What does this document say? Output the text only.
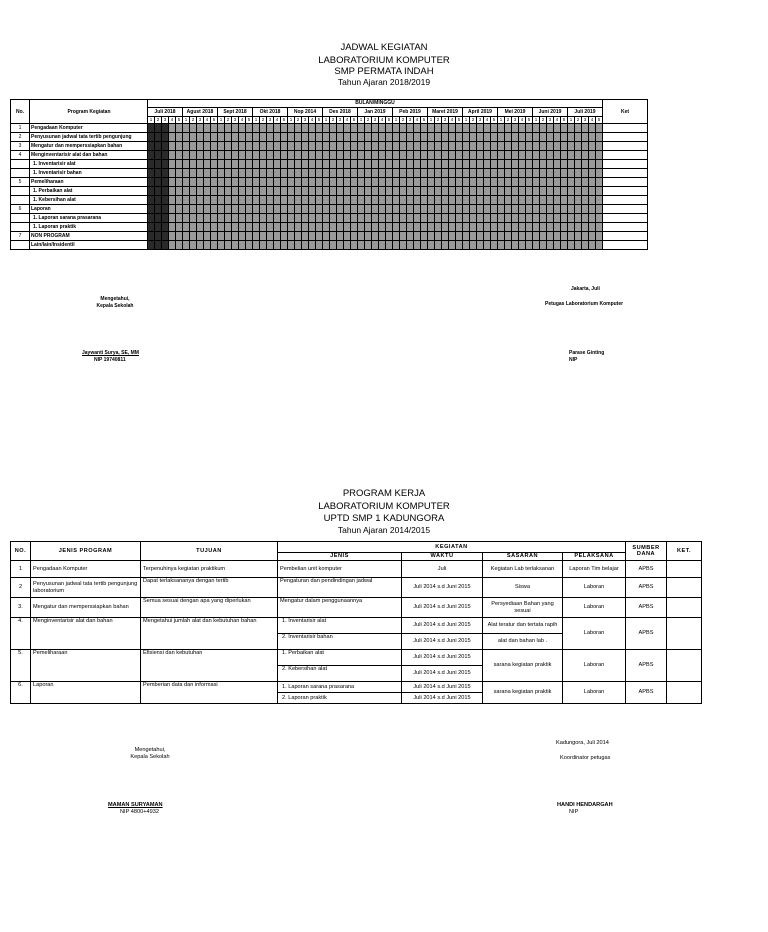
JADWAL KEGIATAN
LABORATORIUM KOMPUTER
SMP PERMATA INDAH
Tahun Ajaran 2018/2019
No.	Program Kegiatan	BULAN/MINGGU	Ket
Juli 2018	Agust 2018	Sept 2018	Okt 2018	Nop 2014	Des 2018	Jan 2019	Peb 2019	Maret 2019	April 2019	Mei 2019	Juni 2019	Juli 2019
1	2	3	4	5	1	2	3	4	5	1	2	3	4	5	1	2	3	4	5	1	2	3	4	5	1	2	3	4	5	1	2	3	4	5	1	2	3	4	5	1	2	3	4	5	1	2	3	4	5	1	2	3	4	5	1	2	3	4	5	1	2	3	4	5
1	Pengadaan Komputer																																																																		
2	Penyusunan jadwal tata tertib pengunjung																																																																		
3	Mengatur dan memperssiapkan bahan																																																																		
4	Menginventarisir alat dan bahan																																																																		
	1. Inventarisir alat																																																																		
	1. Inventarisir bahan																																																																		
5	Pemeliharaan																																																																		
	1. Perbaikan alat																																																																		
	1. Kebersihan alat																																																																		
6	Laporan																																																																		
	1. Laporan sarana prasarana																																																																		
	1. Laporan praktik																																																																		
7	NON PROGRAM																																																																		
	Lain/lain/Insidentil																																																																		
Mengetahui,
Kepala Sekolah
Jaywanti Surya, SE, MM
NIP 19740811
Jakarta, Juli
Petugas Laboratorium Komputer
Parase Ginting
NIP
PROGRAM KERJA
LABORATORIUM KOMPUTER
UPTD SMP 1 KADUNGORA
Tahun Ajaran 2014/2015
NO.	JENIS PROGRAM	TUJUAN	KEGIATAN				SUMBER DANA	KET.
			JENIS	WAKTU	SASARAN	PELAKSANA		
1	Pengadaan Komputer	Terpenuhinya kegiatan praktikum	Pembelian unit komputer	Juli	Kegiatan Lab terlaksanan	Laporan Tim belajar	APBS	
2	Penyusunan jadwal tata tertib pengunjung laboratorium	Dapat terlaksananya dengan tertib	Pengaturan dan pendindingan jadwal	Juli 2014 s.d Juni 2015	Siswa	Laboran	APBS	
3.	Mengatur dan memperssiapkan bahan	Semua sesuai dengan apa yang diperlukan	Mengatur dalam penggunaannya	Juli 2014 s.d Juni 2015	Persyediaan Bahan yang sesuai	Laboran	APBS	
4.	Menginventarisir alat dan bahan	Mengetahui jumlah alat dan kebutuhan bahan	1. Inventarisir alat	Juli 2014 s.d Juni 2015	Alat teratur dan tertata rapih	Laboran	APBS	
			2. Inventarisir bahan	Juli 2014 s.d Juni 2015	alat dan bahan lab .			
5.	Pemeliharaan	Efisiensi dan kebutuhan	1. Perbaikan alat	Juli 2014 s.d Juni 2015	sarana kegiatan praktik	Laboran	APBS	
			2. Kebersihan alat	Juli 2014 s.d Juni 2015				
6.	Laporan	Pemberian data dan informasi	1. Laporan sarana prasarana	Juli 2014 s.d Juni 2015	sarana kegiatan praktik	Laboran	APBS	
			2. Laporan praktik	Juli 2014 s.d Juni 2015				
Mengetahui,
Kepala Sekolah
MAMAN SURYAMAN
NIP 4800+4932
Kadungora, Juli 2014
Koordinator petugas
HANDI HENDARGAH
NIP
